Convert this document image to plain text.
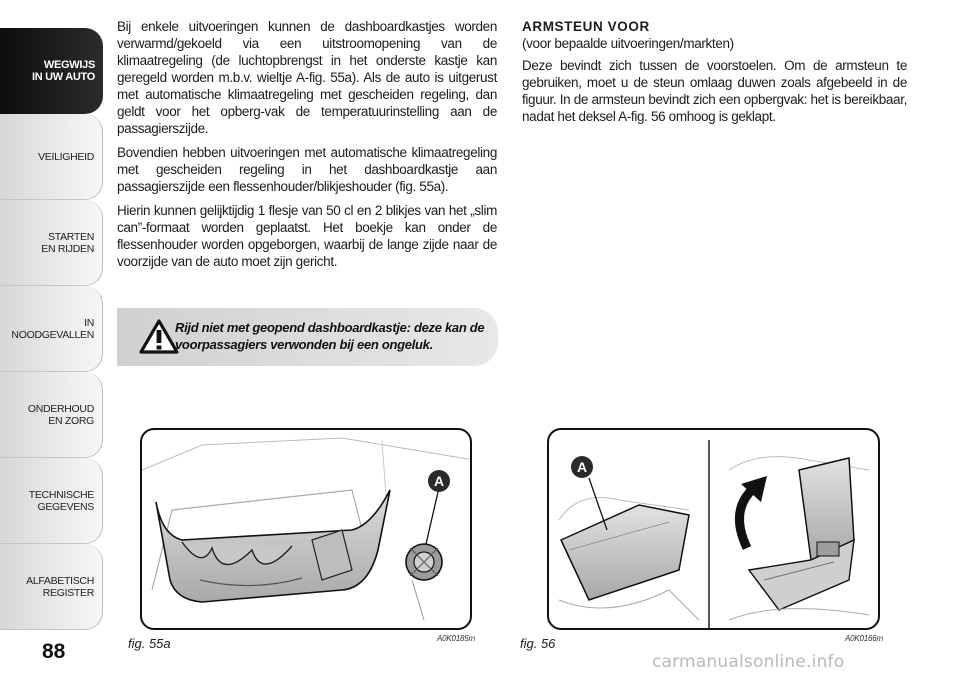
WEGWIJS
IN UW AUTO
VEILIGHEID
STARTEN
EN RIJDEN
IN NOODGEVALLEN
ONDERHOUD
EN ZORG
TECHNISCHE
GEGEVENS
ALFABETISCH
REGISTER
88

Bij enkele uitvoeringen kunnen de dashboardkastjes worden verwarmd/gekoeld via een uitstroomopening van de klimaatregeling (de luchtopbrengst in het onderste kastje kan geregeld worden m.b.v. wieltje A-fig. 55a). Als de auto is uitgerust met automatische klimaatregeling met gescheiden regeling, dan geldt voor het opberg-vak de temperatuurinstelling aan de passagierszijde.

Bovendien hebben uitvoeringen met automatische klimaatregeling met gescheiden regeling in het dashboardkastje aan passagierszijde een flessenhouder/blikjeshouder (fig. 55a).

Hierin kunnen gelijktijdig 1 flesje van 50 cl en 2 blikjes van het „slim can”-formaat worden geplaatst. Het boekje kan onder de flessenhouder worden opgeborgen, waarbij de lange zijde naar de voorzijde van de auto moet zijn gericht.

Rijd niet met geopend dashboardkastje: deze kan de voorpassagiers verwonden bij een ongeluk.

ARMSTEUN VOOR

(voor bepaalde uitvoeringen/markten)

Deze bevindt zich tussen de voorstoelen. Om de armsteun te gebruiken, moet u de steun omlaag duwen zoals afgebeeld in de figuur. In de armsteun bevindt zich een opbergvak: het is bereikbaar, nadat het deksel A-fig. 56 omhoog is geklapt.

A
fig. 55a	A0K0185m
A
fig. 56	A0K0166m
carmanualsonline.info
